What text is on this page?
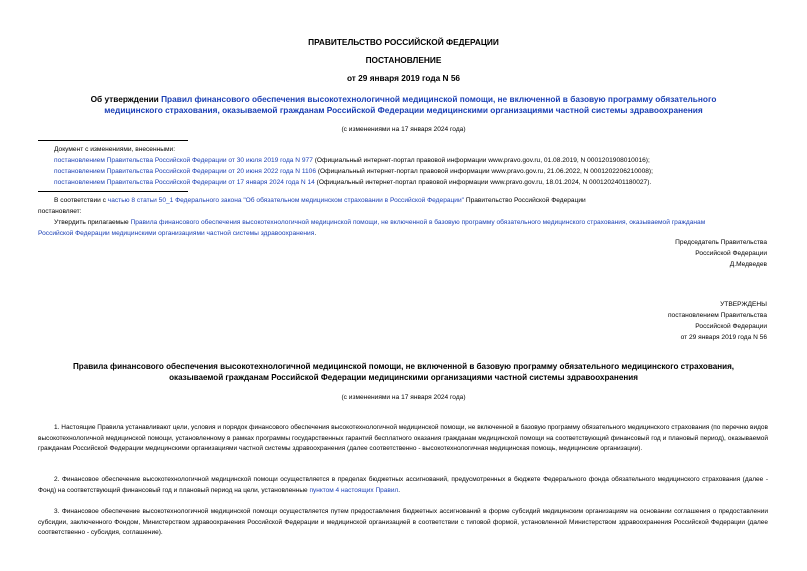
ПРАВИТЕЛЬСТВО РОССИЙСКОЙ ФЕДЕРАЦИИ
ПОСТАНОВЛЕНИЕ
от 29 января 2019 года N 56
Об утверждении Правил финансового обеспечения высокотехнологичной медицинской помощи, не включенной в базовую программу обязательного
медицинского страхования, оказываемой гражданам Российской Федерации медицинскими организациями частной системы здравоохранения
(с изменениями на 17 января 2024 года)
Документ с изменениями, внесенными:
постановлением Правительства Российской Федерации от 30 июля 2019 года N 977 (Официальный интернет-портал правовой информации www.pravo.gov.ru, 01.08.2019, N 0001201908010016);
постановлением Правительства Российской Федерации от 20 июня 2022 года N 1106 (Официальный интернет-портал правовой информации www.pravo.gov.ru, 21.06.2022, N 0001202206210008);
постановлением Правительства Российской Федерации от 17 января 2024 года N 14 (Официальный интернет-портал правовой информации www.pravo.gov.ru, 18.01.2024, N 0001202401180027).
В соответствии с частью 8 статьи 50_1 Федерального закона "Об обязательном медицинском страховании в Российской Федерации" Правительство Российской Федерации
постановляет:
Утвердить прилагаемые Правила финансового обеспечения высокотехнологичной медицинской помощи, не включенной в базовую программу обязательного медицинского страхования, оказываемой гражданам
Российской Федерации медицинскими организациями частной системы здравоохранения.
Председатель Правительства
Российской Федерации
Д.Медведев
УТВЕРЖДЕНЫ
постановлением Правительства
Российской Федерации
от 29 января 2019 года N 56
Правила финансового обеспечения высокотехнологичной медицинской помощи, не включенной в базовую программу обязательного медицинского страхования,
оказываемой гражданам Российской Федерации медицинскими организациями частной системы здравоохранения
(с изменениями на 17 января 2024 года)
1. Настоящие Правила устанавливают цели, условия и порядок финансового обеспечения высокотехнологичной медицинской помощи, не включенной в базовую программу обязательного медицинского страхования (по перечню видов высокотехнологичной медицинской помощи, установленному в рамках программы государственных гарантий бесплатного оказания гражданам медицинской помощи на соответствующий финансовый год и плановый период), оказываемой гражданам Российской Федерации медицинскими организациями частной системы здравоохранения (далее соответственно - высокотехнологичная медицинская помощь, медицинские организации).
2. Финансовое обеспечение высокотехнологичной медицинской помощи осуществляется в пределах бюджетных ассигнований, предусмотренных в бюджете Федерального фонда обязательного медицинского страхования (далее - Фонд) на соответствующий финансовый год и плановый период на цели, установленные пунктом 4 настоящих Правил.
3. Финансовое обеспечение высокотехнологичной медицинской помощи осуществляется путем предоставления бюджетных ассигнований в форме субсидий медицинским организациям на основании соглашения о предоставлении субсидии, заключенного Фондом, Министерством здравоохранения Российской Федерации и медицинской организацией в соответствии с типовой формой, установленной Министерством здравоохранения Российской Федерации (далее соответственно - субсидия, соглашение).
